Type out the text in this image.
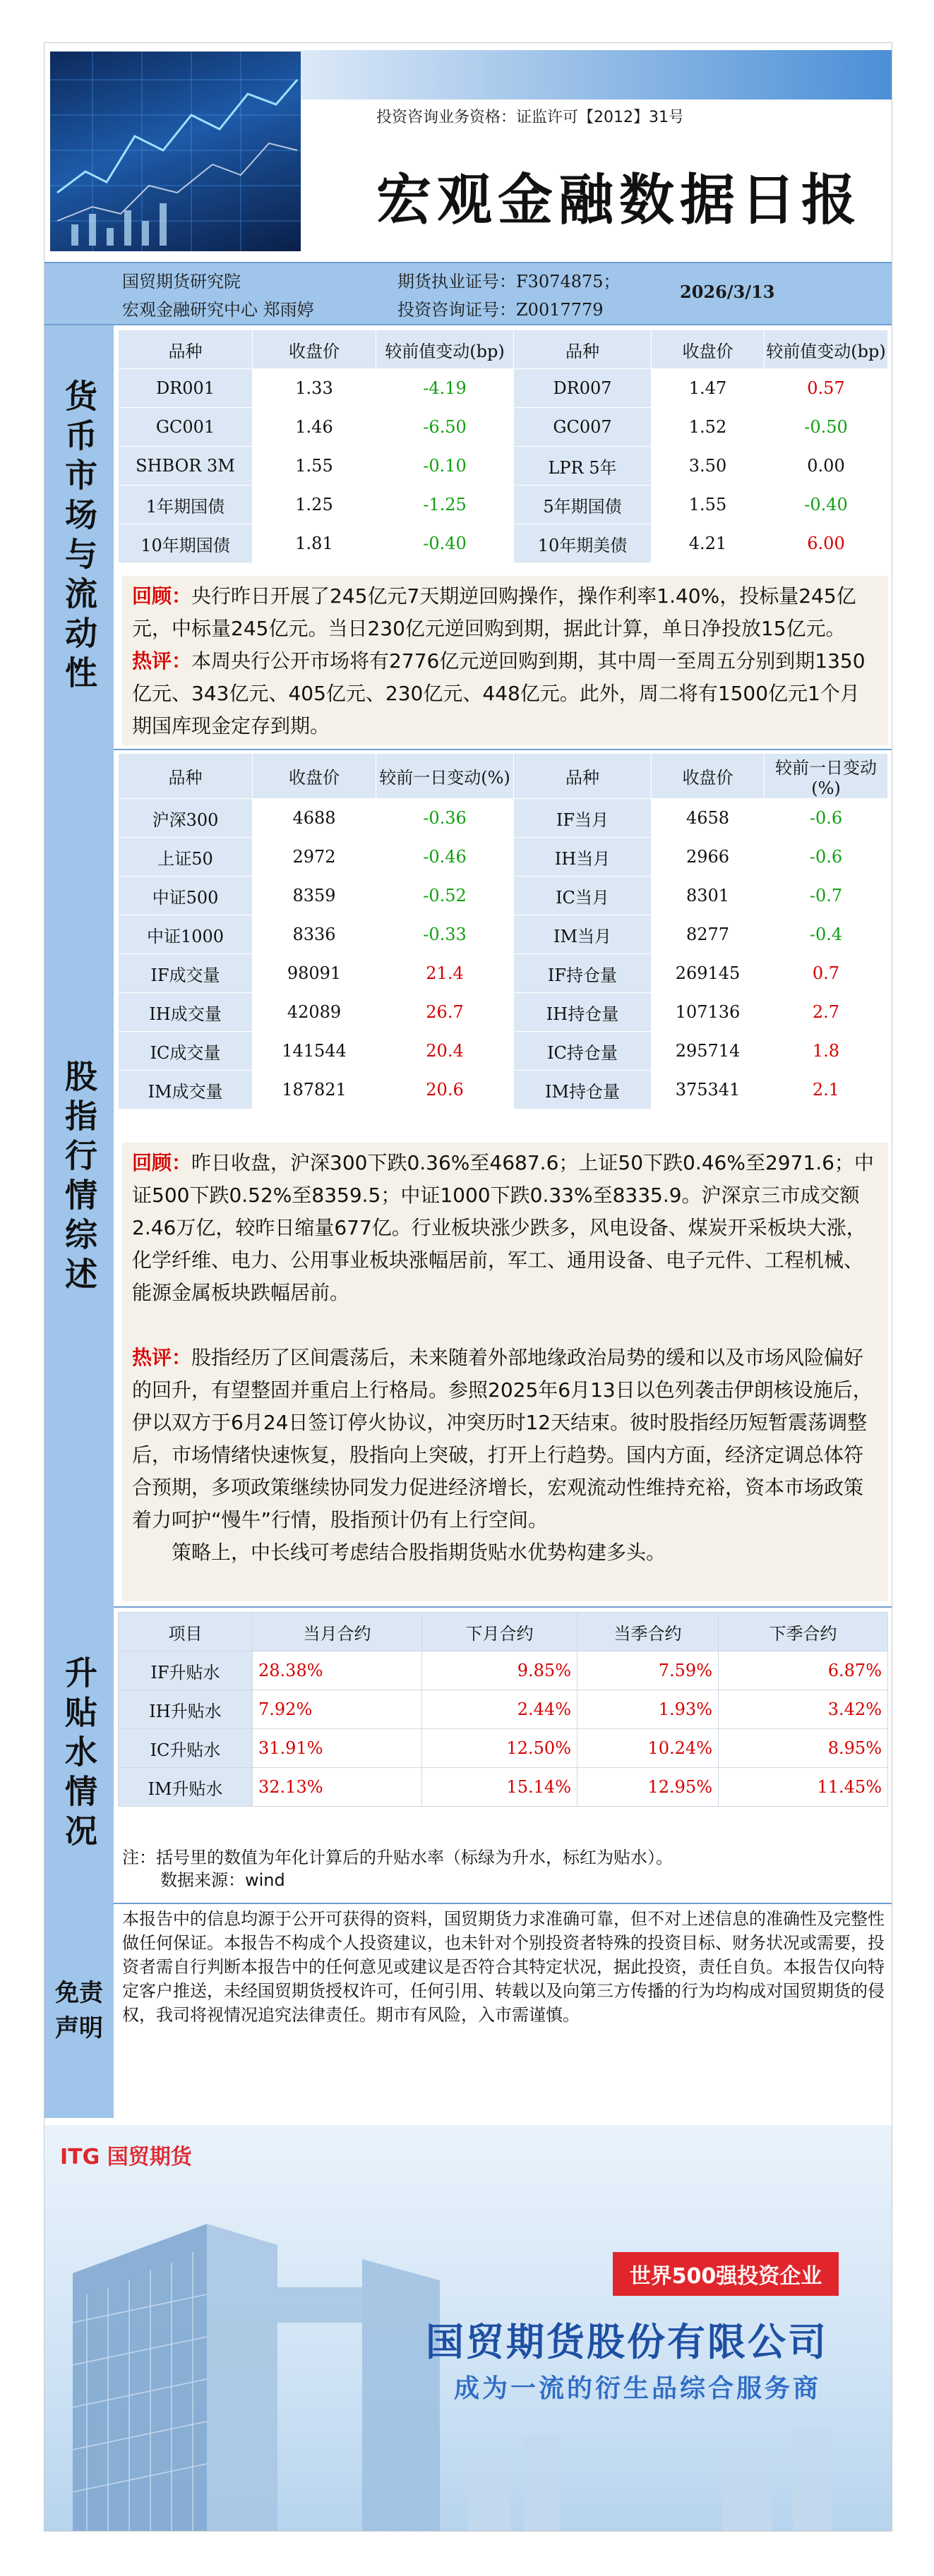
投资咨询业务资格：证监许可【2012】31号
ITG 国贸期货
宏观金融数据日报
国贸期货研究院
宏观金融研究中心 郑雨婷
期货执业证号：F3074875；
投资咨询证号：Z0017779
2026/3/13
货币市场与流动性
品种	收盘价	较前值变动(bp)	品种	收盘价	较前值变动(bp)
DR001	1.33	-4.19	DR007	1.47	0.57
GC001	1.46	-6.50	GC007	1.52	-0.50
SHBOR 3M	1.55	-0.10	LPR 5年	3.50	0.00
1年期国债	1.25	-1.25	5年期国债	1.55	-0.40
10年期国债	1.81	-0.40	10年期美债	4.21	6.00
回顾：央行昨日开展了245亿元7天期逆回购操作，操作利率1.40%，投标量245亿元，中标量245亿元。当日230亿元逆回购到期，据此计算，单日净投放15亿元。
热评：本周央行公开市场将有2776亿元逆回购到期，其中周一至周五分别到期1350亿元、343亿元、405亿元、230亿元、448亿元。此外，周二将有1500亿元1个月期国库现金定存到期。
股指行情综述
品种	收盘价	较前一日变动(%)	品种	收盘价	较前一日变动(%)
沪深300	4688	-0.36	IF当月	4658	-0.6
上证50	2972	-0.46	IH当月	2966	-0.6
中证500	8359	-0.52	IC当月	8301	-0.7
中证1000	8336	-0.33	IM当月	8277	-0.4
IF成交量	98091	21.4	IF持仓量	269145	0.7
IH成交量	42089	26.7	IH持仓量	107136	2.7
IC成交量	141544	20.4	IC持仓量	295714	1.8
IM成交量	187821	20.6	IM持仓量	375341	2.1
回顾：昨日收盘，沪深300下跌0.36%至4687.6；上证50下跌0.46%至2971.6；中证500下跌0.52%至8359.5；中证1000下跌0.33%至8335.9。沪深京三市成交额2.46万亿，较昨日缩量677亿。行业板块涨少跌多，风电设备、煤炭开采板块大涨，化学纤维、电力、公用事业板块涨幅居前，军工、通用设备、电子元件、工程机械、能源金属板块跌幅居前。

热评：股指经历了区间震荡后，未来随着外部地缘政治局势的缓和以及市场风险偏好的回升，有望整固并重启上行格局。参照2025年6月13日以色列袭击伊朗核设施后，伊以双方于6月24日签订停火协议，冲突历时12天结束。彼时股指经历短暂震荡调整后，市场情绪快速恢复，股指向上突破，打开上行趋势。国内方面，经济定调总体符合预期，多项政策继续协同发力促进经济增长，宏观流动性维持充裕，资本市场政策着力呵护“慢牛”行情，股指预计仍有上行空间。
策略上，中长线可考虑结合股指期货贴水优势构建多头。
升贴水情况
项目	当月合约	下月合约	当季合约	下季合约
IF升贴水	28.38%	9.85%	7.59%	6.87%
IH升贴水	7.92%	2.44%	1.93%	3.42%
IC升贴水	31.91%	12.50%	10.24%	8.95%
IM升贴水	32.13%	15.14%	12.95%	11.45%
注：括号里的数值为年化计算后的升贴水率（标绿为升水，标红为贴水）。
数据来源：wind
免责
声明
本报告中的信息均源于公开可获得的资料，国贸期货力求准确可靠，但不对上述信息的准确性及完整性做任何保证。本报告不构成个人投资建议，也未针对个别投资者特殊的投资目标、财务状况或需要，投资者需自行判断本报告中的任何意见或建议是否符合其特定状况，据此投资，责任自负。本报告仅向特定客户推送，未经国贸期货授权许可，任何引用、转载以及向第三方传播的行为均构成对国贸期货的侵权，我司将视情况追究法律责任。期市有风险，入市需谨慎。
ITG 国贸期货
世界500强投资企业
国贸期货股份有限公司
成为一流的衍生品综合服务商
